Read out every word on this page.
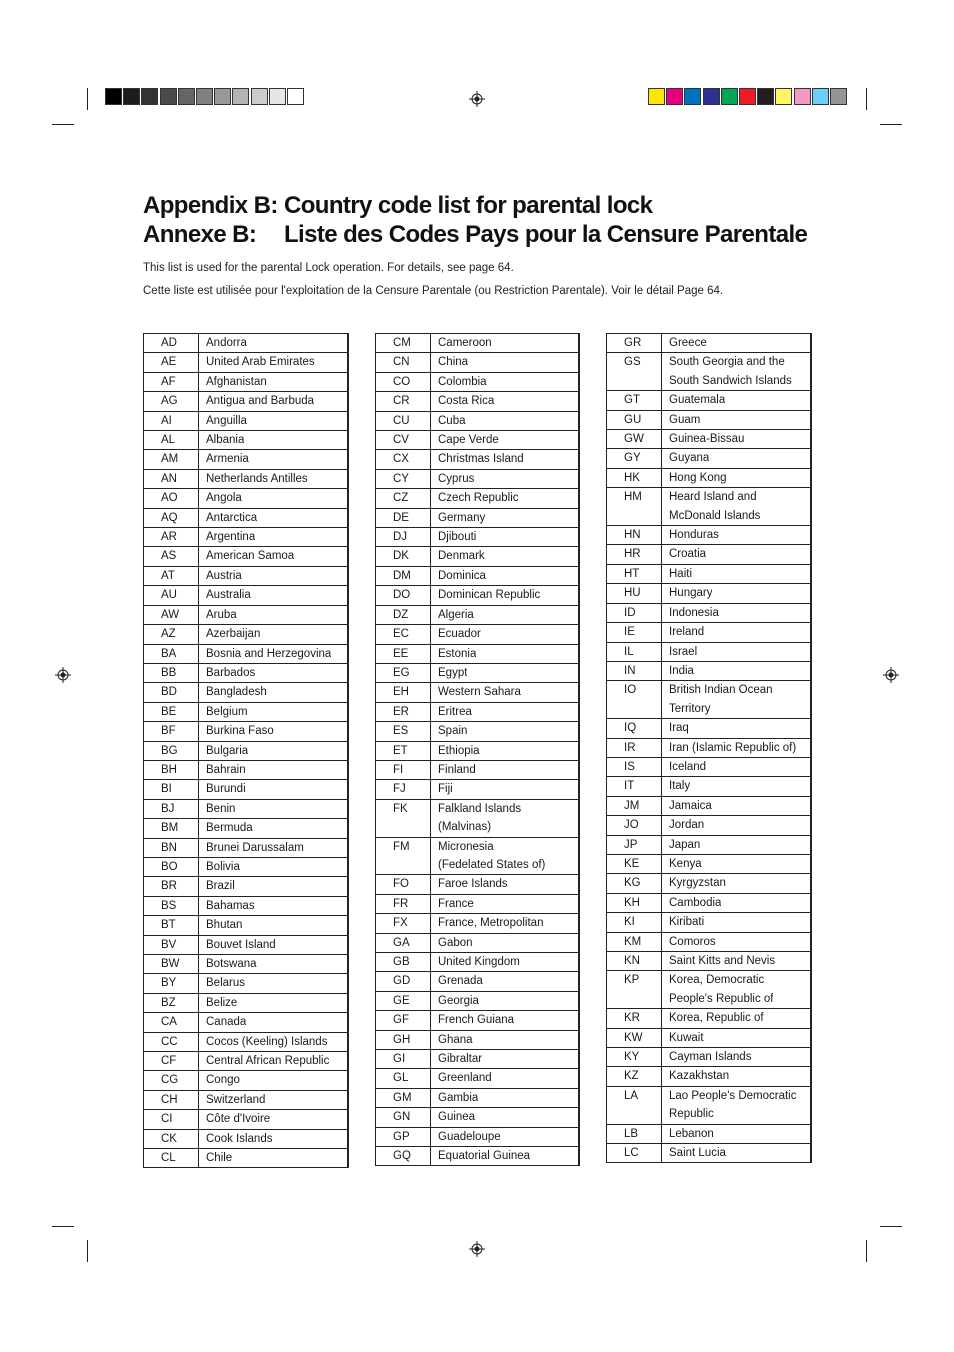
Appendix B: Country code list for parental lock
Annexe B: Liste des Codes Pays pour la Censure Parentale
This list is used for the parental Lock operation. For details, see page 64.
Cette liste est utilisée pour l'exploitation de la Censure Parentale (ou Restriction Parentale). Voir le détail Page 64.
AD	Andorra
AE	United Arab Emirates
AF	Afghanistan
AG	Antigua and Barbuda
AI	Anguilla
AL	Albania
AM	Armenia
AN	Netherlands Antilles
AO	Angola
AQ	Antarctica
AR	Argentina
AS	American Samoa
AT	Austria
AU	Australia
AW	Aruba
AZ	Azerbaijan
BA	Bosnia and Herzegovina
BB	Barbados
BD	Bangladesh
BE	Belgium
BF	Burkina Faso
BG	Bulgaria
BH	Bahrain
BI	Burundi
BJ	Benin
BM	Bermuda
BN	Brunei Darussalam
BO	Bolivia
BR	Brazil
BS	Bahamas
BT	Bhutan
BV	Bouvet Island
BW	Botswana
BY	Belarus
BZ	Belize
CA	Canada
CC	Cocos (Keeling) Islands
CF	Central African Republic
CG	Congo
CH	Switzerland
CI	Côte d'Ivoire
CK	Cook Islands
CL	Chile
CM	Cameroon
CN	China
CO	Colombia
CR	Costa Rica
CU	Cuba
CV	Cape Verde
CX	Christmas Island
CY	Cyprus
CZ	Czech Republic
DE	Germany
DJ	Djibouti
DK	Denmark
DM	Dominica
DO	Dominican Republic
DZ	Algeria
EC	Ecuador
EE	Estonia
EG	Egypt
EH	Western Sahara
ER	Eritrea
ES	Spain
ET	Ethiopia
FI	Finland
FJ	Fiji
FK	Falkland Islands
(Malvinas)
FM	Micronesia
(Fedelated States of)
FO	Faroe Islands
FR	France
FX	France, Metropolitan
GA	Gabon
GB	United Kingdom
GD	Grenada
GE	Georgia
GF	French Guiana
GH	Ghana
GI	Gibraltar
GL	Greenland
GM	Gambia
GN	Guinea
GP	Guadeloupe
GQ	Equatorial Guinea
GR	Greece
GS	South Georgia and the
South Sandwich Islands
GT	Guatemala
GU	Guam
GW	Guinea-Bissau
GY	Guyana
HK	Hong Kong
HM	Heard Island and
McDonald Islands
HN	Honduras
HR	Croatia
HT	Haiti
HU	Hungary
ID	Indonesia
IE	Ireland
IL	Israel
IN	India
IO	British Indian Ocean
Territory
IQ	Iraq
IR	Iran (Islamic Republic of)
IS	Iceland
IT	Italy
JM	Jamaica
JO	Jordan
JP	Japan
KE	Kenya
KG	Kyrgyzstan
KH	Cambodia
KI	Kiribati
KM	Comoros
KN	Saint Kitts and Nevis
KP	Korea, Democratic
People's Republic of
KR	Korea, Republic of
KW	Kuwait
KY	Cayman Islands
KZ	Kazakhstan
LA	Lao People's Democratic
Republic
LB	Lebanon
LC	Saint Lucia
